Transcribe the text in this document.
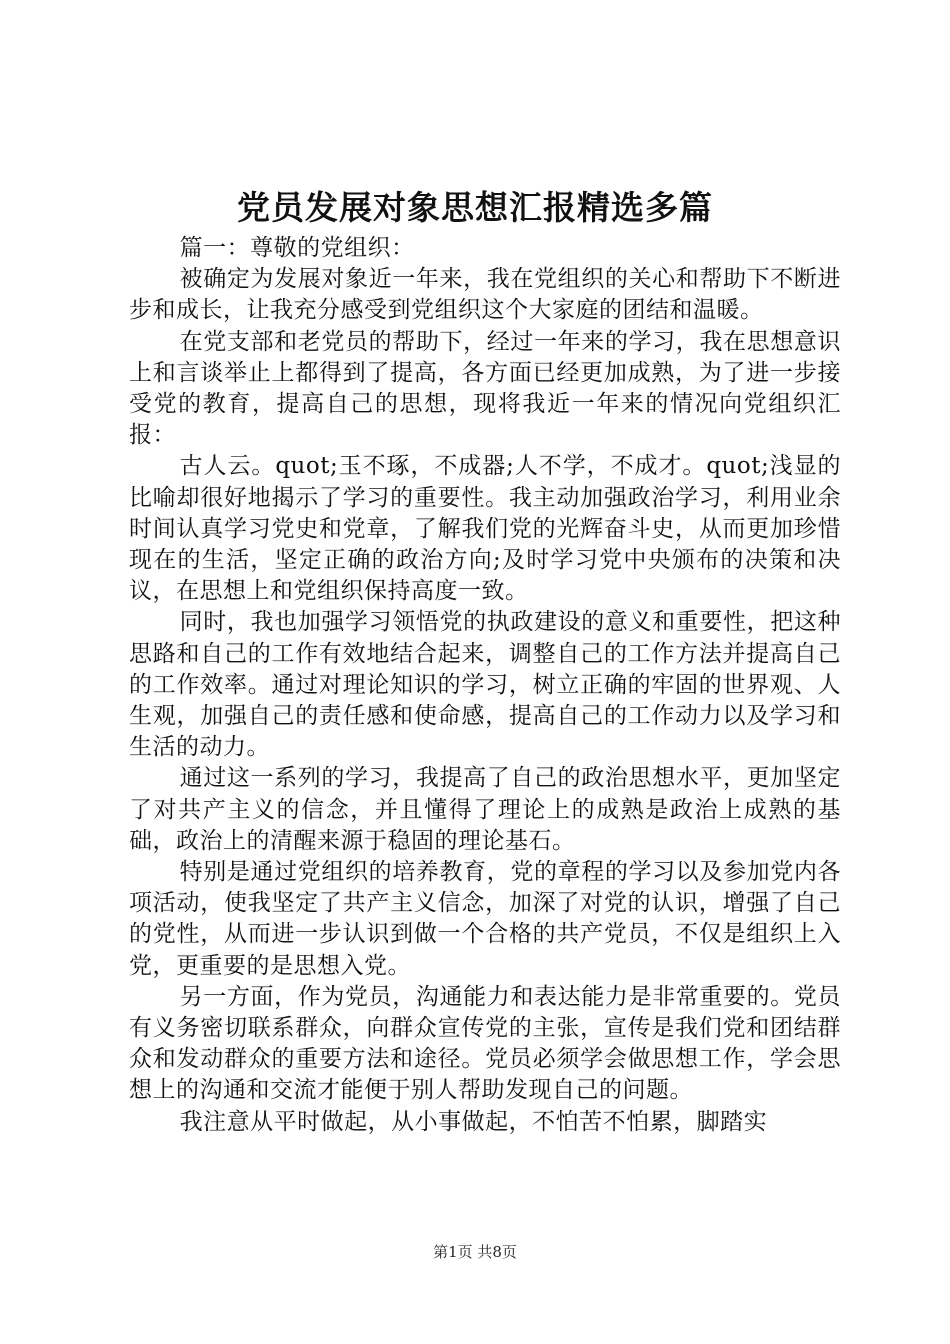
党员发展对象思想汇报精选多篇

篇一：尊敬的党组织：

被确定为发展对象近一年来，我在党组织的关心和帮助下不断进步和成长，让我充分感受到党组织这个大家庭的团结和温暖。

在党支部和老党员的帮助下，经过一年来的学习，我在思想意识上和言谈举止上都得到了提高，各方面已经更加成熟，为了进一步接受党的教育，提高自己的思想，现将我近一年来的情况向党组织汇报：

古人云。quot;玉不琢，不成器;人不学，不成才。quot;浅显的比喻却很好地揭示了学习的重要性。我主动加强政治学习，利用业余时间认真学习党史和党章，了解我们党的光辉奋斗史，从而更加珍惜现在的生活，坚定正确的政治方向;及时学习党中央颁布的决策和决议，在思想上和党组织保持高度一致。

同时，我也加强学习领悟党的执政建设的意义和重要性，把这种思路和自己的工作有效地结合起来，调整自己的工作方法并提高自己的工作效率。通过对理论知识的学习，树立正确的牢固的世界观、人生观，加强自己的责任感和使命感，提高自己的工作动力以及学习和生活的动力。

通过这一系列的学习，我提高了自己的政治思想水平，更加坚定了对共产主义的信念，并且懂得了理论上的成熟是政治上成熟的基础，政治上的清醒来源于稳固的理论基石。

特别是通过党组织的培养教育，党的章程的学习以及参加党内各项活动，使我坚定了共产主义信念，加深了对党的认识，增强了自己的党性，从而进一步认识到做一个合格的共产党员，不仅是组织上入党，更重要的是思想入党。

另一方面，作为党员，沟通能力和表达能力是非常重要的。党员有义务密切联系群众，向群众宣传党的主张，宣传是我们党和团结群众和发动群众的重要方法和途径。党员必须学会做思想工作，学会思想上的沟通和交流才能便于别人帮助发现自己的问题。

我注意从平时做起，从小事做起，不怕苦不怕累，脚踏实

第1页 共8页
